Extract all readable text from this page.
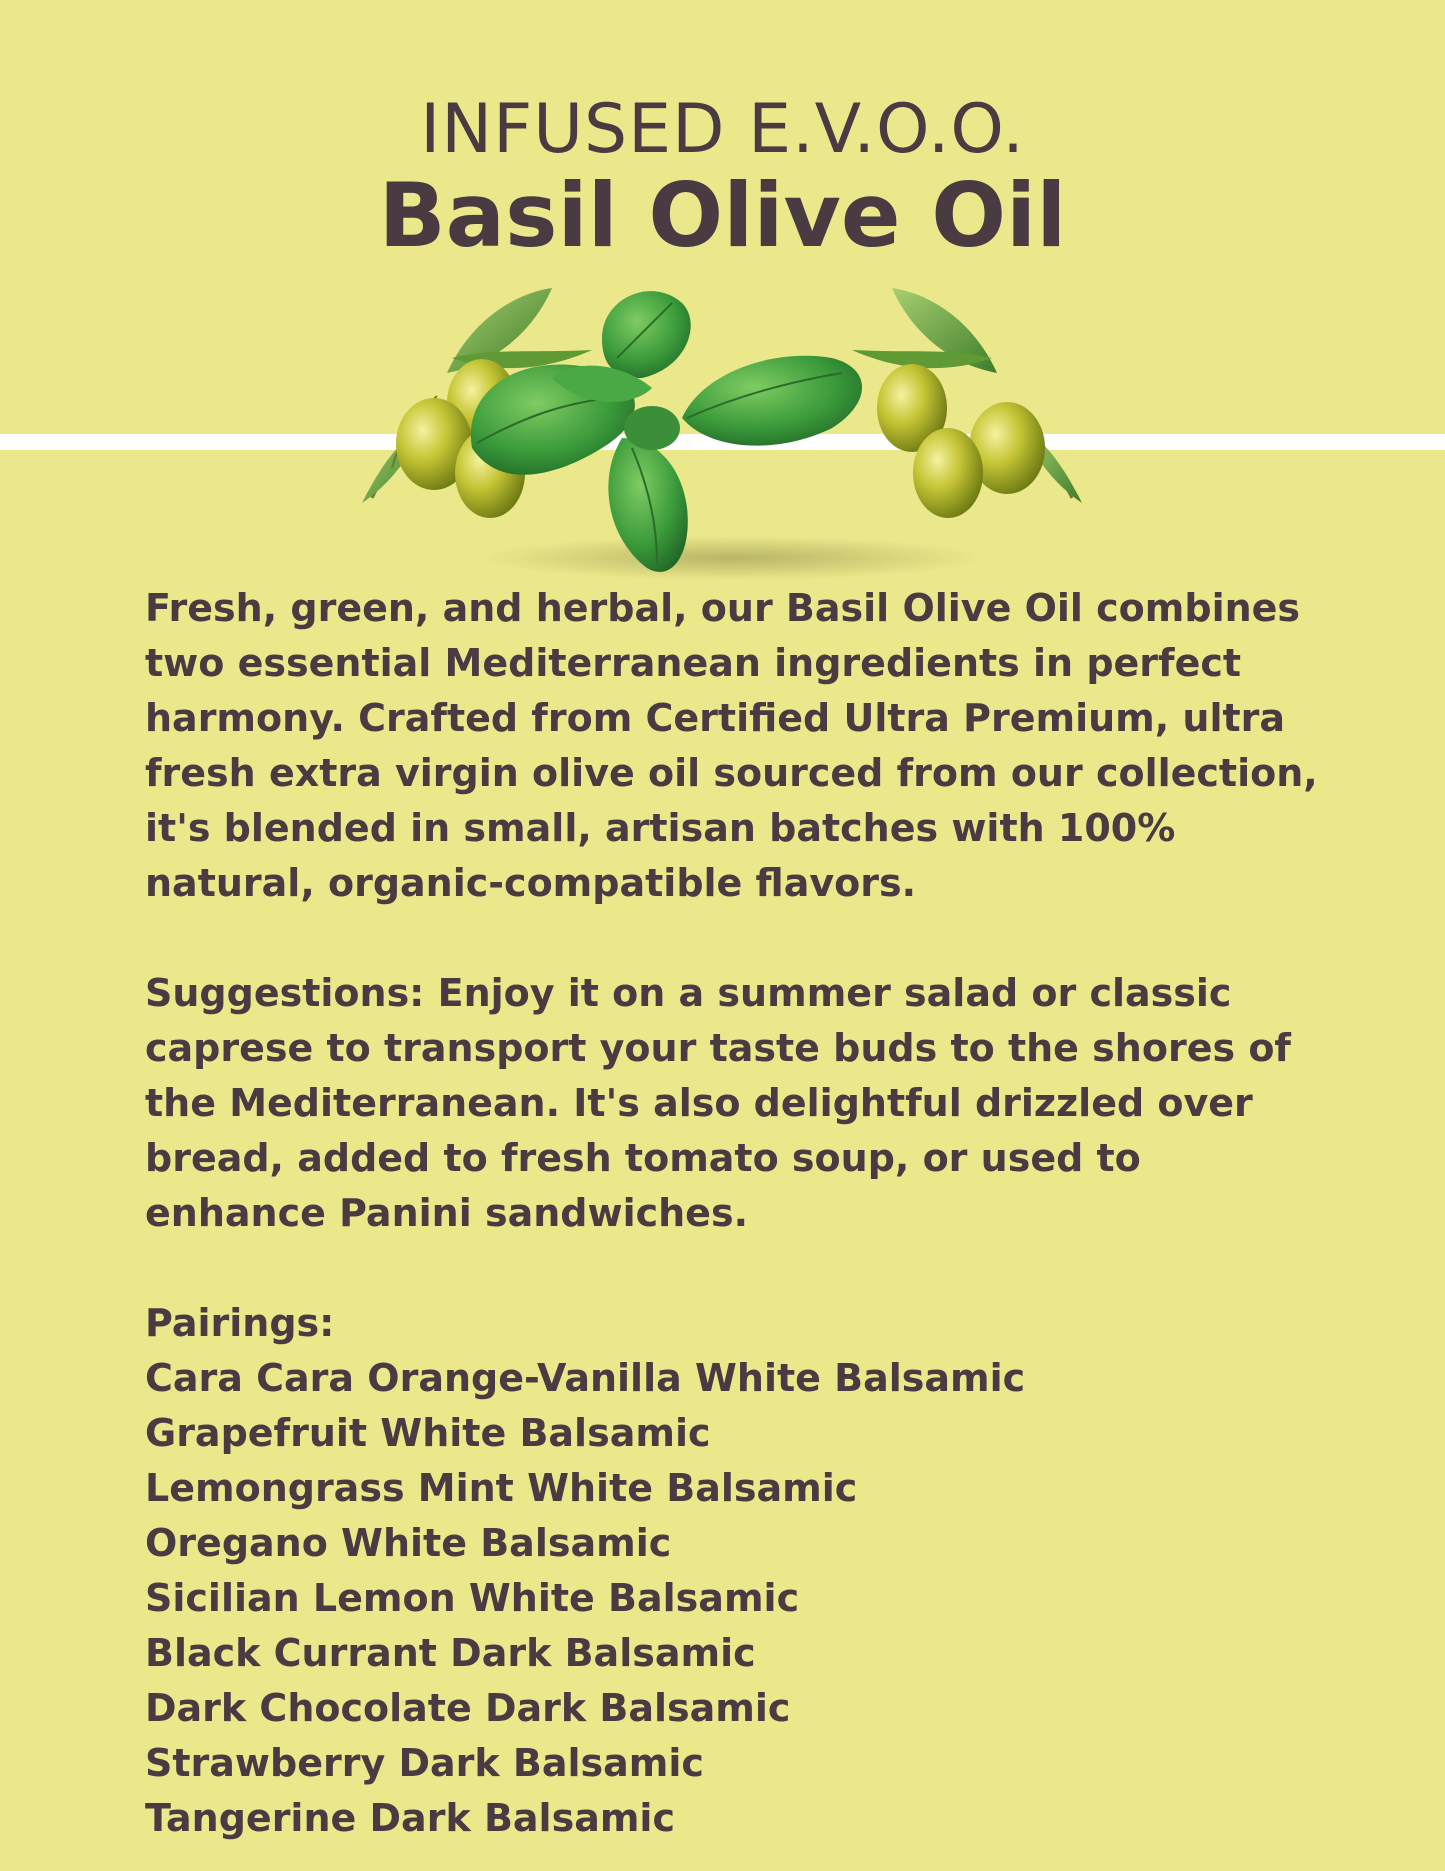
INFUSED E.V.O.O.
Basil Olive Oil

Fresh, green, and herbal, our Basil Olive Oil combines two essential Mediterranean ingredients in perfect harmony. Crafted from Certified Ultra Premium, ultra fresh extra virgin olive oil sourced from our collection, it's blended in small, artisan batches with 100% natural, organic-compatible flavors.

Suggestions: Enjoy it on a summer salad or classic caprese to transport your taste buds to the shores of the Mediterranean. It's also delightful drizzled over bread, added to fresh tomato soup, or used to enhance Panini sandwiches.

Pairings:

Cara Cara Orange-Vanilla White Balsamic
Grapefruit White Balsamic
Lemongrass Mint White Balsamic
Oregano White Balsamic
Sicilian Lemon White Balsamic
Black Currant Dark Balsamic
Dark Chocolate Dark Balsamic
Strawberry Dark Balsamic
Tangerine Dark Balsamic
